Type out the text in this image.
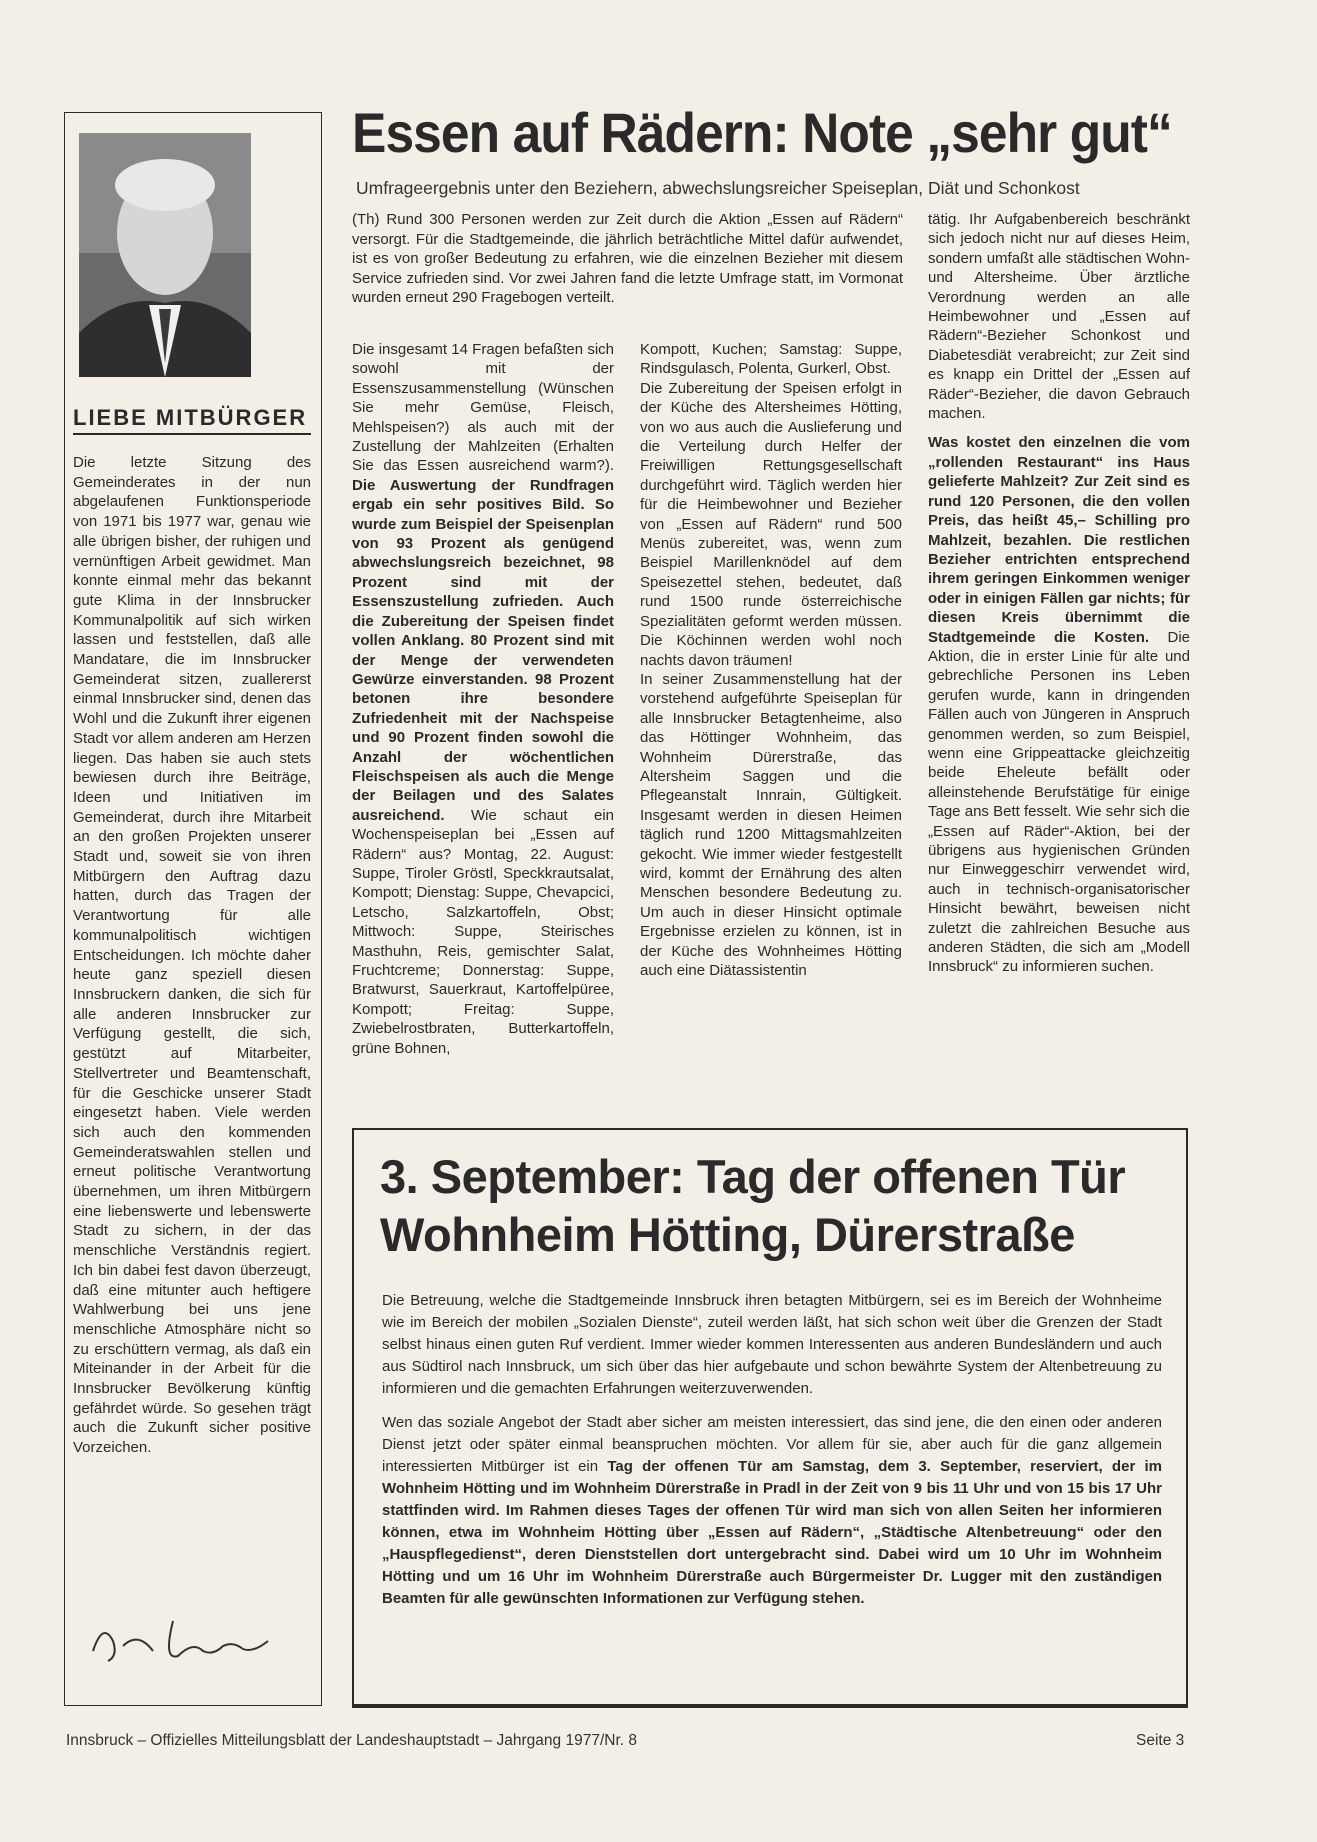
LIEBE MITBÜRGER
Die letzte Sitzung des Gemeinderates in der nun abgelaufenen Funktionsperiode von 1971 bis 1977 war, genau wie alle übrigen bisher, der ruhigen und vernünftigen Arbeit gewidmet. Man konnte einmal mehr das bekannt gute Klima in der Innsbrucker Kommunalpolitik auf sich wirken lassen und feststellen, daß alle Mandatare, die im Innsbrucker Gemeinderat sitzen, zuallererst einmal Innsbrucker sind, denen das Wohl und die Zukunft ihrer eigenen Stadt vor allem anderen am Herzen liegen. Das haben sie auch stets bewiesen durch ihre Beiträge, Ideen und Initiativen im Gemeinderat, durch ihre Mitarbeit an den großen Projekten unserer Stadt und, soweit sie von ihren Mitbürgern den Auftrag dazu hatten, durch das Tragen der Verantwortung für alle kommunalpolitisch wichtigen Entscheidungen. Ich möchte daher heute ganz speziell diesen Innsbruckern danken, die sich für alle anderen Innsbrucker zur Verfügung gestellt, die sich, gestützt auf Mitarbeiter, Stellvertreter und Beamtenschaft, für die Geschicke unserer Stadt eingesetzt haben. Viele werden sich auch den kommenden Gemeinderatswahlen stellen und erneut politische Verantwortung übernehmen, um ihren Mitbürgern eine liebenswerte und lebenswerte Stadt zu sichern, in der das menschliche Verständnis regiert. Ich bin dabei fest davon überzeugt, daß eine mitunter auch heftigere Wahlwerbung bei uns jene menschliche Atmosphäre nicht so zu erschüttern vermag, als daß ein Miteinander in der Arbeit für die Innsbrucker Bevölkerung künftig gefährdet würde. So gesehen trägt auch die Zukunft sicher positive Vorzeichen.
Essen auf Rädern: Note „sehr gut“
Umfrageergebnis unter den Beziehern, abwechslungsreicher Speiseplan, Diät und Schonkost
(Th) Rund 300 Personen werden zur Zeit durch die Aktion „Essen auf Rädern“ versorgt. Für die Stadtgemeinde, die jährlich beträchtliche Mittel dafür aufwendet, ist es von großer Bedeutung zu erfahren, wie die einzelnen Bezieher mit diesem Service zufrieden sind. Vor zwei Jahren fand die letzte Umfrage statt, im Vormonat wurden erneut 290 Fragebogen verteilt.
Die insgesamt 14 Fragen befaßten sich sowohl mit der Essenszusammenstellung (Wünschen Sie mehr Gemüse, Fleisch, Mehlspeisen?) als auch mit der Zustellung der Mahlzeiten (Erhalten Sie das Essen ausreichend warm?). Die Auswertung der Rundfragen ergab ein sehr positives Bild. So wurde zum Beispiel der Speisenplan von 93 Prozent als genügend abwechslungsreich bezeichnet, 98 Prozent sind mit der Essenszustellung zufrieden. Auch die Zubereitung der Speisen findet vollen Anklang. 80 Prozent sind mit der Menge der verwendeten Gewürze einverstanden. 98 Prozent betonen ihre besondere Zufriedenheit mit der Nachspeise und 90 Prozent finden sowohl die Anzahl der wöchentlichen Fleischspeisen als auch die Menge der Beilagen und des Salates ausreichend. Wie schaut ein Wochenspeiseplan bei „Essen auf Rädern“ aus? Montag, 22. August: Suppe, Tiroler Gröstl, Speckkrautsalat, Kompott; Dienstag: Suppe, Chevapcici, Letscho, Salzkartoffeln, Obst; Mittwoch: Suppe, Steirisches Masthuhn, Reis, gemischter Salat, Fruchtcreme; Donnerstag: Suppe, Bratwurst, Sauerkraut, Kartoffelpüree, Kompott; Freitag: Suppe, Zwiebelrostbraten, Butterkartoffeln, grüne Bohnen,
Kompott, Kuchen; Samstag: Suppe, Rindsgulasch, Polenta, Gurkerl, Obst.
Die Zubereitung der Speisen erfolgt in der Küche des Altersheimes Hötting, von wo aus auch die Auslieferung und die Verteilung durch Helfer der Freiwilligen Rettungsgesellschaft durchgeführt wird. Täglich werden hier für die Heimbewohner und Bezieher von „Essen auf Rädern“ rund 500 Menüs zubereitet, was, wenn zum Beispiel Marillenknödel auf dem Speisezettel stehen, bedeutet, daß rund 1500 runde österreichische Spezialitäten geformt werden müssen. Die Köchinnen werden wohl noch nachts davon träumen!
In seiner Zusammenstellung hat der vorstehend aufgeführte Speiseplan für alle Innsbrucker Betagtenheime, also das Höttinger Wohnheim, das Wohnheim Dürerstraße, das Altersheim Saggen und die Pflegeanstalt Innrain, Gültigkeit. Insgesamt werden in diesen Heimen täglich rund 1200 Mittagsmahlzeiten gekocht. Wie immer wieder festgestellt wird, kommt der Ernährung des alten Menschen besondere Bedeutung zu. Um auch in dieser Hinsicht optimale Ergebnisse erzielen zu können, ist in der Küche des Wohnheimes Hötting auch eine Diätassistentin

tätig. Ihr Aufgabenbereich beschränkt sich jedoch nicht nur auf dieses Heim, sondern umfaßt alle städtischen Wohn- und Altersheime. Über ärztliche Verordnung werden an alle Heimbewohner und „Essen auf Rädern“-Bezieher Schonkost und Diabetesdiät verabreicht; zur Zeit sind es knapp ein Drittel der „Essen auf Räder“-Bezieher, die davon Gebrauch machen.

Was kostet den einzelnen die vom „rollenden Restaurant“ ins Haus gelieferte Mahlzeit? Zur Zeit sind es rund 120 Personen, die den vollen Preis, das heißt 45,– Schilling pro Mahlzeit, bezahlen. Die restlichen Bezieher entrichten entsprechend ihrem geringen Einkommen weniger oder in einigen Fällen gar nichts; für diesen Kreis übernimmt die Stadtgemeinde die Kosten. Die Aktion, die in erster Linie für alte und gebrechliche Personen ins Leben gerufen wurde, kann in dringenden Fällen auch von Jüngeren in Anspruch genommen werden, so zum Beispiel, wenn eine Grippeattacke gleichzeitig beide Eheleute befällt oder alleinstehende Berufstätige für einige Tage ans Bett fesselt. Wie sehr sich die „Essen auf Räder“-Aktion, bei der übrigens aus hygienischen Gründen nur Einweggeschirr verwendet wird, auch in technisch-organisatorischer Hinsicht bewährt, beweisen nicht zuletzt die zahlreichen Besuche aus anderen Städten, die sich am „Modell Innsbruck“ zu informieren suchen.
3. September: Tag der offenen Tür
Wohnheim Hötting, Dürerstraße

Die Betreuung, welche die Stadtgemeinde Innsbruck ihren betagten Mitbürgern, sei es im Bereich der Wohnheime wie im Bereich der mobilen „Sozialen Dienste“, zuteil werden läßt, hat sich schon weit über die Grenzen der Stadt selbst hinaus einen guten Ruf verdient. Immer wieder kommen Interessenten aus anderen Bundesländern und auch aus Südtirol nach Innsbruck, um sich über das hier aufgebaute und schon bewährte System der Altenbetreuung zu informieren und die gemachten Erfahrungen weiterzuverwenden.

Wen das soziale Angebot der Stadt aber sicher am meisten interessiert, das sind jene, die den einen oder anderen Dienst jetzt oder später einmal beanspruchen möchten. Vor allem für sie, aber auch für die ganz allgemein interessierten Mitbürger ist ein Tag der offenen Tür am Samstag, dem 3. September, reserviert, der im Wohnheim Hötting und im Wohnheim Dürerstraße in Pradl in der Zeit von 9 bis 11 Uhr und von 15 bis 17 Uhr stattfinden wird. Im Rahmen dieses Tages der offenen Tür wird man sich von allen Seiten her informieren können, etwa im Wohnheim Hötting über „Essen auf Rädern“, „Städtische Altenbetreuung“ oder den „Hauspflegedienst“, deren Dienststellen dort untergebracht sind. Dabei wird um 10 Uhr im Wohnheim Hötting und um 16 Uhr im Wohnheim Dürerstraße auch Bürgermeister Dr. Lugger mit den zuständigen Beamten für alle gewünschten Informationen zur Verfügung stehen.

Innsbruck – Offizielles Mitteilungsblatt der Landeshauptstadt – Jahrgang 1977/Nr. 8	Seite 3
